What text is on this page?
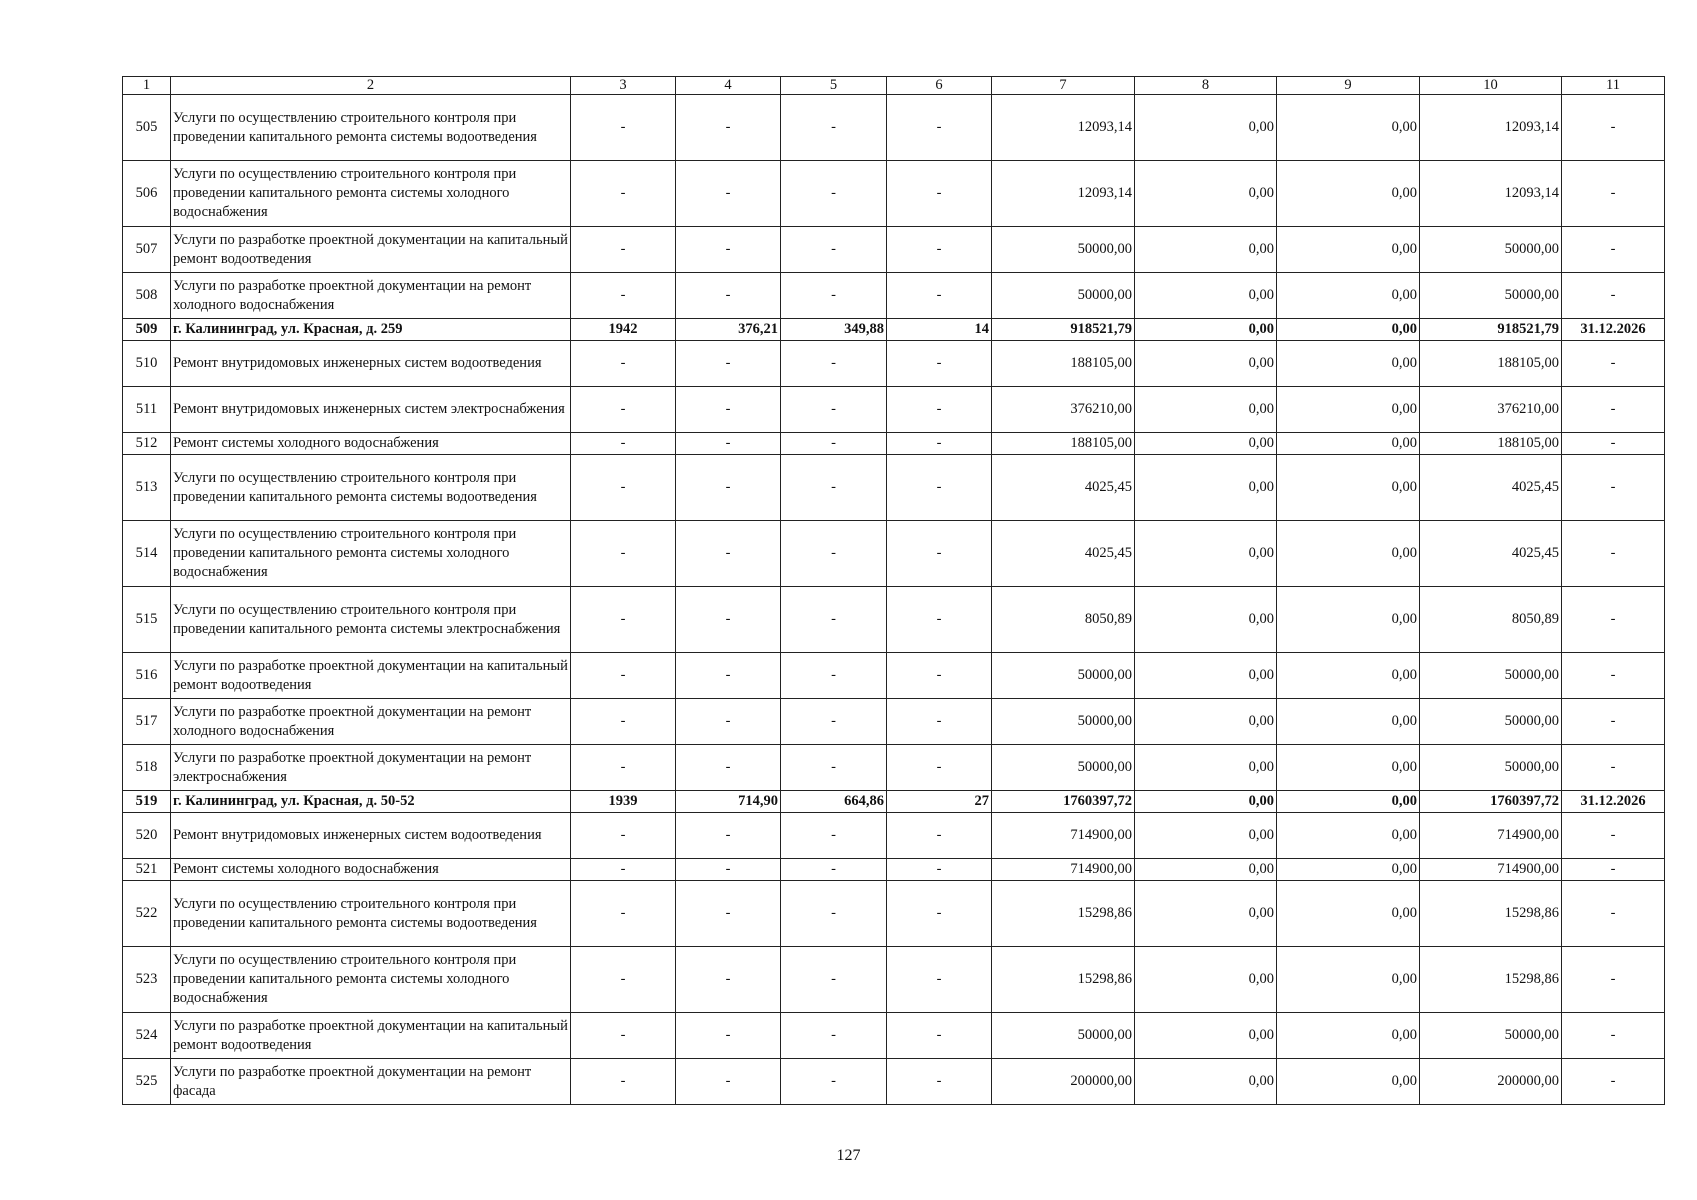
1	2	3	4	5	6	7	8	9	10	11
505	Услуги по осуществлению строительного контроля при проведении капитального ремонта системы водоотведения	-	-	-	-	12093,14	0,00	0,00	12093,14	-
506	Услуги по осуществлению строительного контроля при проведении капитального ремонта системы холодного водоснабжения	-	-	-	-	12093,14	0,00	0,00	12093,14	-
507	Услуги по разработке проектной документации на капитальный ремонт водоотведения	-	-	-	-	50000,00	0,00	0,00	50000,00	-
508	Услуги по разработке проектной документации на ремонт холодного водоснабжения	-	-	-	-	50000,00	0,00	0,00	50000,00	-
509	г. Калининград, ул. Красная, д. 259	1942	376,21	349,88	14	918521,79	0,00	0,00	918521,79	31.12.2026
510	Ремонт внутридомовых инженерных систем водоотведения	-	-	-	-	188105,00	0,00	0,00	188105,00	-
511	Ремонт внутридомовых инженерных систем электроснабжения	-	-	-	-	376210,00	0,00	0,00	376210,00	-
512	Ремонт системы холодного водоснабжения	-	-	-	-	188105,00	0,00	0,00	188105,00	-
513	Услуги по осуществлению строительного контроля при проведении капитального ремонта системы водоотведения	-	-	-	-	4025,45	0,00	0,00	4025,45	-
514	Услуги по осуществлению строительного контроля при проведении капитального ремонта системы холодного водоснабжения	-	-	-	-	4025,45	0,00	0,00	4025,45	-
515	Услуги по осуществлению строительного контроля при проведении капитального ремонта системы электроснабжения	-	-	-	-	8050,89	0,00	0,00	8050,89	-
516	Услуги по разработке проектной документации на капитальный ремонт водоотведения	-	-	-	-	50000,00	0,00	0,00	50000,00	-
517	Услуги по разработке проектной документации на ремонт холодного водоснабжения	-	-	-	-	50000,00	0,00	0,00	50000,00	-
518	Услуги по разработке проектной документации на ремонт электроснабжения	-	-	-	-	50000,00	0,00	0,00	50000,00	-
519	г. Калининград, ул. Красная, д. 50-52	1939	714,90	664,86	27	1760397,72	0,00	0,00	1760397,72	31.12.2026
520	Ремонт внутридомовых инженерных систем водоотведения	-	-	-	-	714900,00	0,00	0,00	714900,00	-
521	Ремонт системы холодного водоснабжения	-	-	-	-	714900,00	0,00	0,00	714900,00	-
522	Услуги по осуществлению строительного контроля при проведении капитального ремонта системы водоотведения	-	-	-	-	15298,86	0,00	0,00	15298,86	-
523	Услуги по осуществлению строительного контроля при проведении капитального ремонта системы холодного водоснабжения	-	-	-	-	15298,86	0,00	0,00	15298,86	-
524	Услуги по разработке проектной документации на капитальный ремонт водоотведения	-	-	-	-	50000,00	0,00	0,00	50000,00	-
525	Услуги по разработке проектной документации на ремонт фасада	-	-	-	-	200000,00	0,00	0,00	200000,00	-
127
